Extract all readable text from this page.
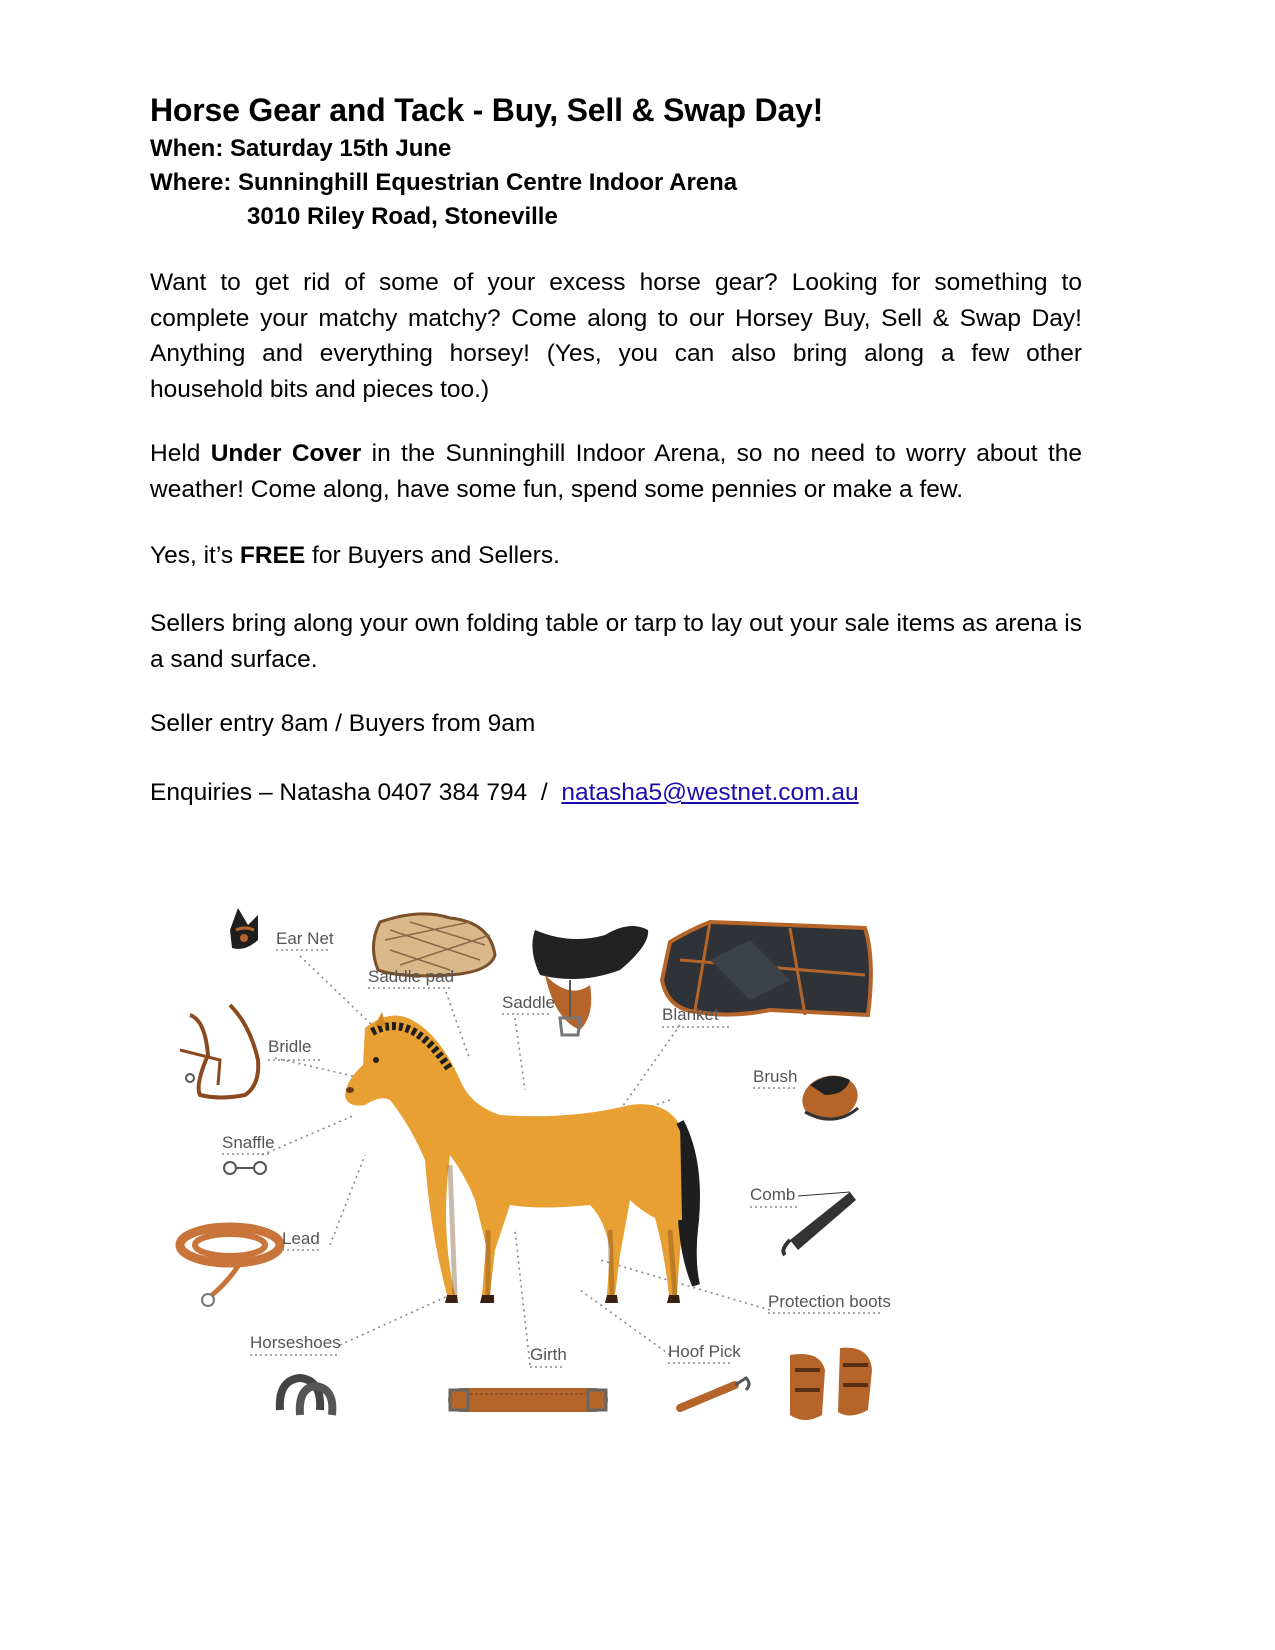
Horse Gear and Tack - Buy, Sell & Swap Day!

When: Saturday 15th June

Where: Sunninghill Equestrian Centre Indoor Arena

3010 Riley Road, Stoneville

Want to get rid of some of your excess horse gear? Looking for something to complete your matchy matchy? Come along to our Horsey Buy, Sell & Swap Day! Anything and everything horsey! (Yes, you can also bring along a few other household bits and pieces too.)

Held Under Cover in the Sunninghill Indoor Arena, so no need to worry about the weather! Come along, have some fun, spend some pennies or make a few.

Yes, it’s FREE for Buyers and Sellers.

Sellers bring along your own folding table or tarp to lay out your sale items as arena is a sand surface.

Seller entry 8am / Buyers from 9am

Enquiries – Natasha 0407 384 794  /  natasha5@westnet.com.au

Ear Net
Saddle pad
Saddle
Blanket
Bridle
Brush
Snaffle
Comb
Lead
Protection boots
Horseshoes
Girth	Hoof Pick
